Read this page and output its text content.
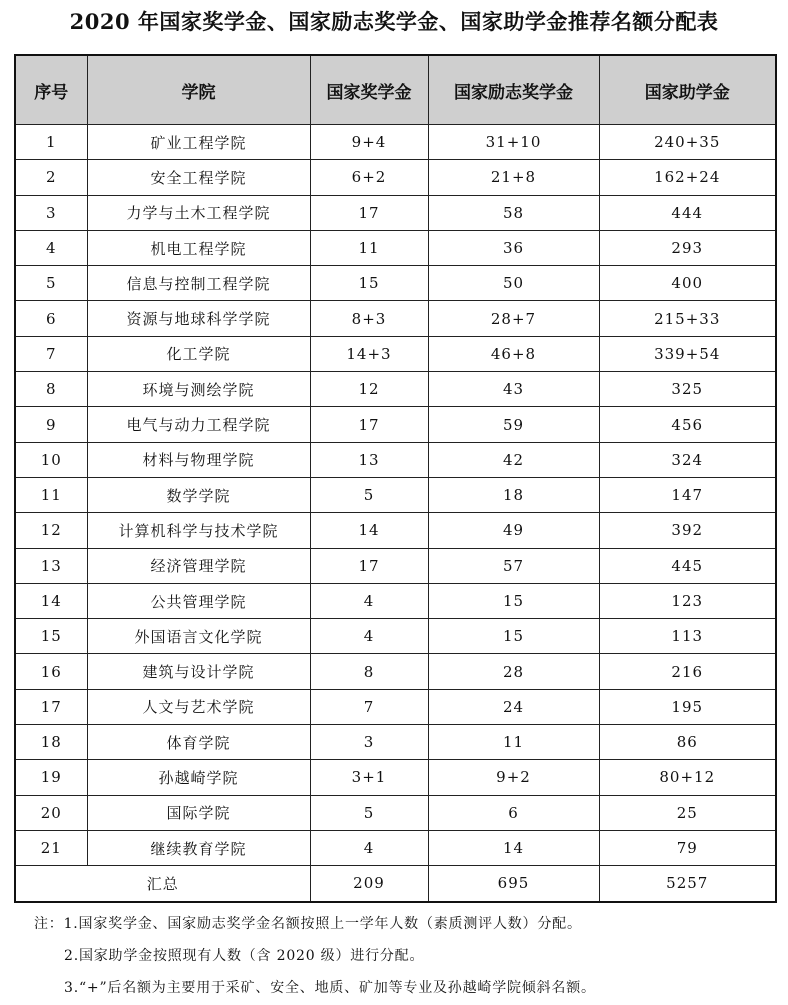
2020 年国家奖学金、国家励志奖学金、国家助学金推荐名额分配表
序号	学院	国家奖学金	国家励志奖学金	国家助学金
1	矿业工程学院	9+4	31+10	240+35
2	安全工程学院	6+2	21+8	162+24
3	力学与土木工程学院	17	58	444
4	机电工程学院	11	36	293
5	信息与控制工程学院	15	50	400
6	资源与地球科学学院	8+3	28+7	215+33
7	化工学院	14+3	46+8	339+54
8	环境与测绘学院	12	43	325
9	电气与动力工程学院	17	59	456
10	材料与物理学院	13	42	324
11	数学学院	5	18	147
12	计算机科学与技术学院	14	49	392
13	经济管理学院	17	57	445
14	公共管理学院	4	15	123
15	外国语言文化学院	4	15	113
16	建筑与设计学院	8	28	216
17	人文与艺术学院	7	24	195
18	体育学院	3	11	86
19	孙越崎学院	3+1	9+2	80+12
20	国际学院	5	6	25
21	继续教育学院	4	14	79
汇总		209	695	5257
注：1.国家奖学金、国家励志奖学金名额按照上一学年人数（素质测评人数）分配。
2.国家助学金按照现有人数（含 2020 级）进行分配。
3.“+”后名额为主要用于采矿、安全、地质、矿加等专业及孙越崎学院倾斜名额。
